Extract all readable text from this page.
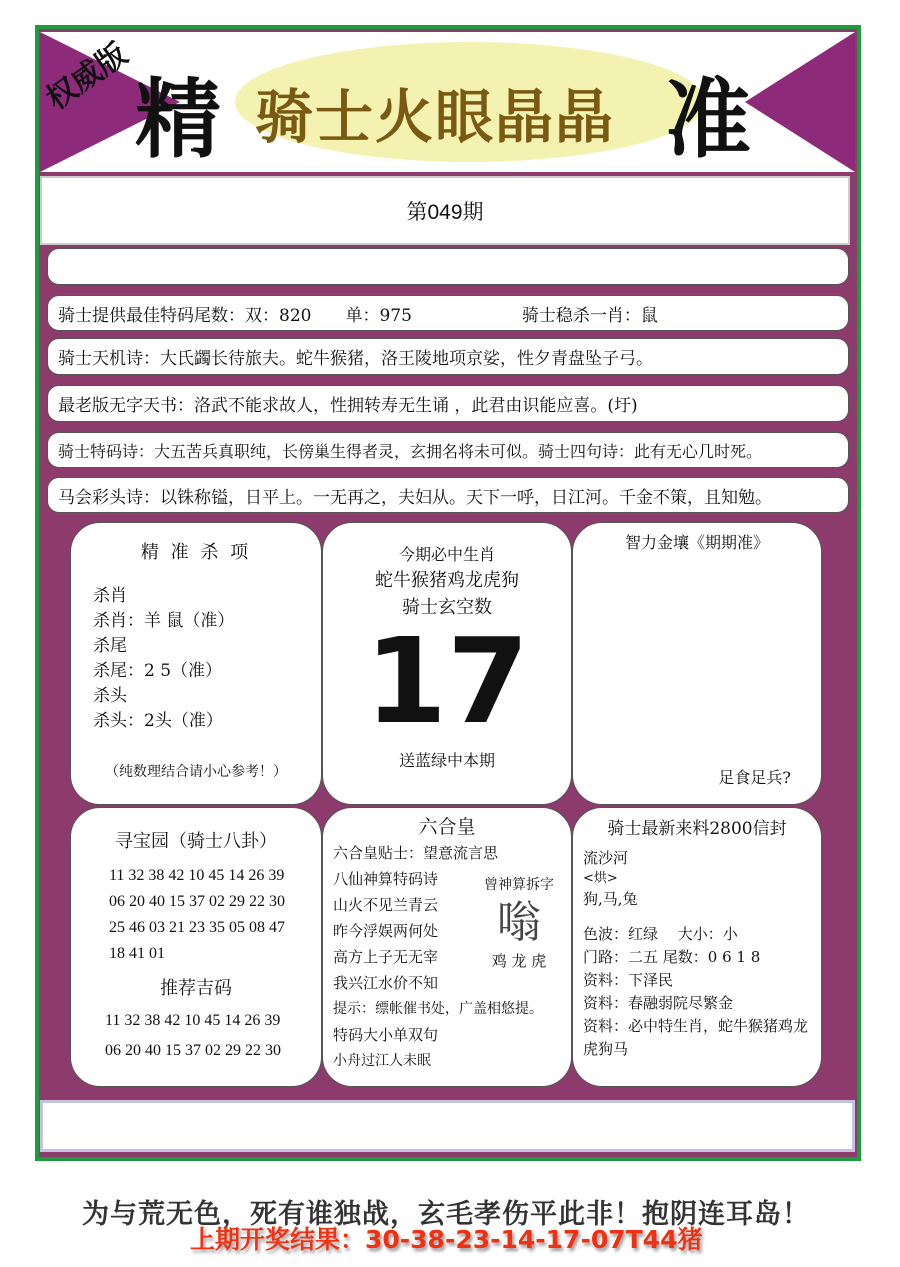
权威版 精 骑士火眼晶晶 准
第049期
骑士提供最佳特码尾数：双：820　　单：975	骑士稳杀一肖：鼠
骑士天机诗：大氏蠲长待旅夫。蛇牛猴猪，洛王陵地项京娑，性夕青盘坠子弓。
最老版无字天书：洛武不能求故人，性拥转寿无生诵 ，此君由识能应喜。(圩)
骑士特码诗：大五苦兵真职纯，长傍巢生得者灵，玄拥名将未可似。骑士四句诗：此有无心几时死。
马会彩头诗：以铢称镒，日平上。一无再之，夫妇从。天下一呼，日江河。千金不策，且知勉。
精 准 杀 项
杀肖
杀肖：羊 鼠（准）
杀尾
杀尾：2 5（准）
杀头
杀头：2头（准）
（纯数理结合请小心参考！）
今期必中生肖
蛇牛猴猪鸡龙虎狗
骑士玄空数
17
送蓝绿中本期
智力金壤《期期准》
足食足兵?
寻宝园（骑士八卦）
11 32 38 42 10 45 14 26 39
06 20 40 15 37 02 29 22 30
25 46 03 21 23 35 05 08 47
18 41 01
推荐吉码
11 32 38 42 10 45 14 26 39
06 20 40 15 37 02 29 22 30
六合皇
六合皇贴士：望意流言思
八仙神算特码诗
山火不见兰青云
昨今浮娱两何处
高方上子无无宰
我兴江水价不知
提示：缥帐催书处，广盖相悠提。
特码大小单双句
小舟过江人未眠
曾神算拆字
嗡
鸡 龙 虎
骑士最新来料2800信封
流沙河
<烘>
狗,马,兔
色波：红绿　 大小：小
门路：二五 尾数：0 6 1 8
资料：下泽民
资料：春融弱院尽繁金
资料：必中特生肖，蛇牛猴猪鸡龙虎狗马
为与荒无色，死有谁独战，玄毛孝伤平此非！抱阴连耳岛！
上期开奖结果：30-38-23-14-17-07T44猪
